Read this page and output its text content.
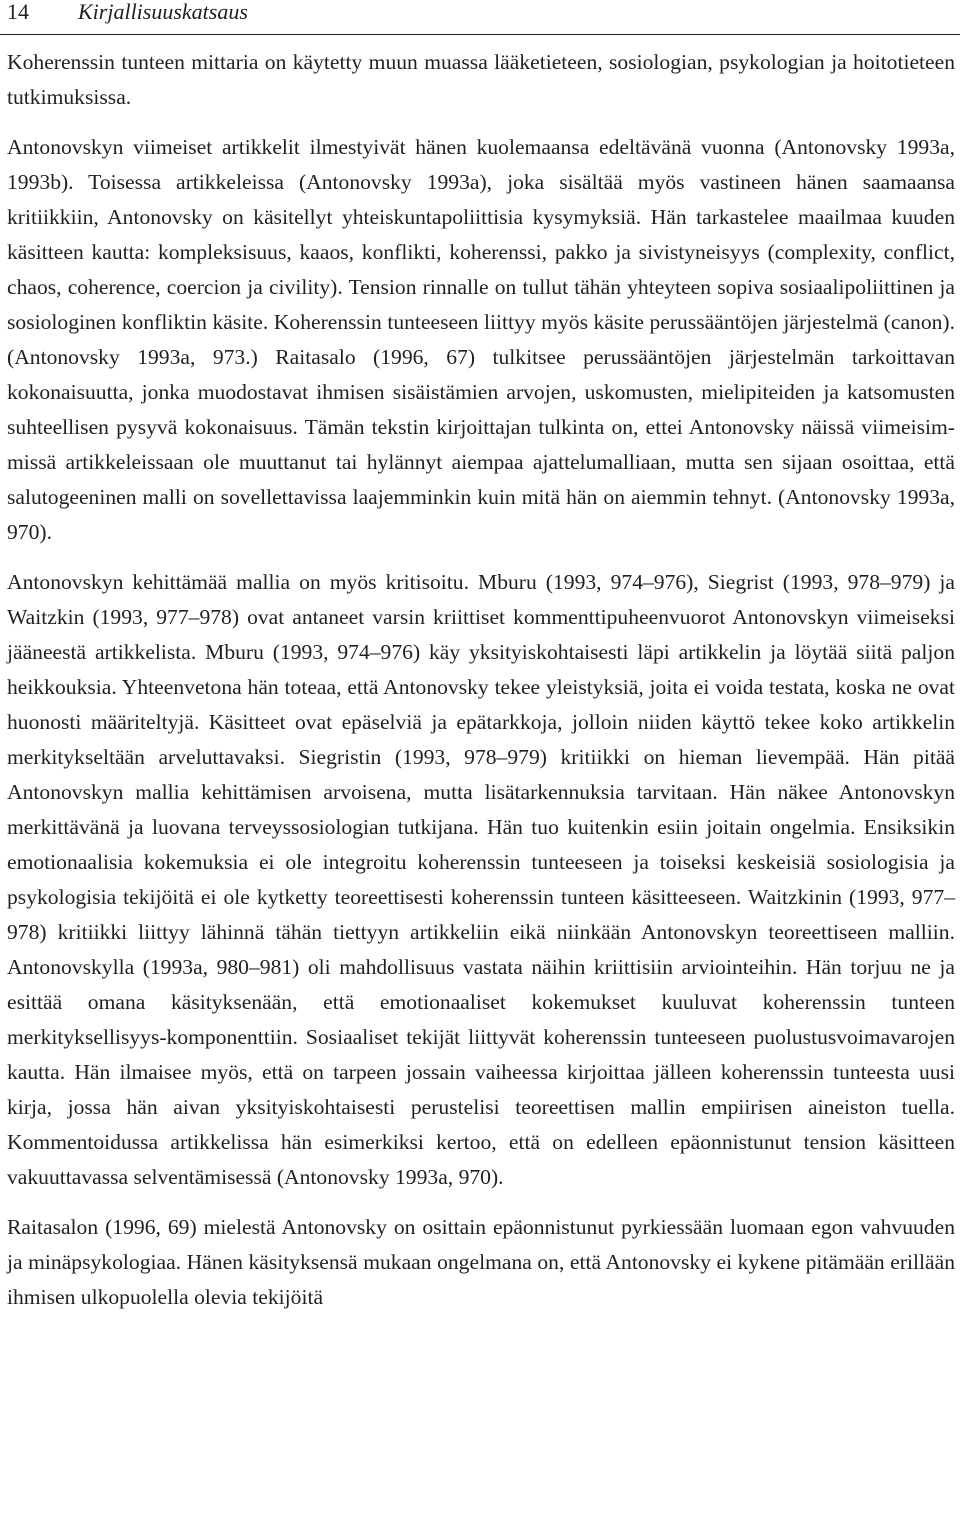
14 Kirjallisuuskatsaus

Koherenssin tunteen mittaria on käytetty muun muassa lääketieteen, sosiologian, psykologian ja hoitotieteen tutkimuksissa.

Antonovskyn viimeiset artikkelit ilmestyivät hänen kuolemaansa edeltävänä vuonna (Antonovsky 1993a, 1993b). Toisessa artikkeleissa (Antonovsky 1993a), joka sisältää myös vastineen hänen saamaansa kritiikkiin, Antonovsky on käsitellyt yhteiskuntapoliittisia kysymyksiä. Hän tarkastelee maailmaa kuuden käsitteen kautta: kompleksisuus, kaaos, konflikti, koherenssi, pakko ja sivistyneisyys (complexity, conflict, chaos, coherence, coercion ja civility). Tension rinnalle on tullut tähän yhteyteen sopiva sosiaalipoliittinen ja sosiologinen konfliktin käsite. Koherenssin tunteeseen liittyy myös käsite perussääntöjen järjestelmä (canon). (Antonovsky 1993a, 973.) Raitasalo (1996, 67) tulkitsee perussääntöjen järjestelmän tarkoittavan kokonaisuutta, jonka muodostavat ihmisen sisäistämien arvojen, uskomusten, mielipiteiden ja katsomusten suhteellisen pysyvä kokonaisuus. Tämän tekstin kirjoittajan tulkinta on, ettei Antonovsky näissä viimeisimmissä artikkeleissaan ole muuttanut tai hylännyt aiempaa ajattelumalliaan, mutta sen sijaan osoittaa, että salutogeeninen malli on sovellettavissa laajemminkin kuin mitä hän on aiemmin tehnyt. (Antonovsky 1993a, 970).

Antonovskyn kehittämää mallia on myös kritisoitu. Mburu (1993, 974–976), Siegrist (1993, 978–979) ja Waitzkin (1993, 977–978) ovat antaneet varsin kriittiset kommenttipuheenvuorot Antonovskyn viimeiseksi jääneestä artikkelista. Mburu (1993, 974–976) käy yksityiskohtaisesti läpi artikkelin ja löytää siitä paljon heikkouksia. Yhteenvetona hän toteaa, että Antonovsky tekee yleistyksiä, joita ei voida testata, koska ne ovat huonosti määriteltyjä. Käsitteet ovat epäselviä ja epätarkkoja, jolloin niiden käyttö tekee koko artikkelin merkitykseltään arveluttavaksi. Siegristin (1993, 978–979) kritiikki on hieman lievempää. Hän pitää Antonovskyn mallia kehittämisen arvoisena, mutta lisätarkennuksia tarvitaan. Hän näkee Antonovskyn merkittävänä ja luovana terveyssosiologian tutkijana. Hän tuo kuitenkin esiin joitain ongelmia. Ensiksikin emotionaalisia kokemuksia ei ole integroitu koherenssin tunteeseen ja toiseksi keskeisiä sosiologisia ja psykologisia tekijöitä ei ole kytketty teoreettisesti koherenssin tunteen käsitteeseen. Waitzkinin (1993, 977–978) kritiikki liittyy lähinnä tähän tiettyyn artikkeliin eikä niinkään Antonovskyn teoreettiseen malliin. Antonovskylla (1993a, 980–981) oli mahdollisuus vastata näihin kriittisiin arviointeihin. Hän torjuu ne ja esittää omana käsityksenään, että emotionaaliset kokemukset kuuluvat koherenssin tunteen merkityksellisyys-komponenttiin. Sosiaaliset tekijät liittyvät koherenssin tunteeseen puolustusvoimavarojen kautta. Hän ilmaisee myös, että on tarpeen jossain vaiheessa kirjoittaa jälleen koherenssin tunteesta uusi kirja, jossa hän aivan yksityiskohtaisesti perustelisi teoreettisen mallin empiirisen aineiston tuella. Kommentoidussa artikkelissa hän esimerkiksi kertoo, että on edelleen epäonnistunut tension käsitteen vakuuttavassa selventämisessä (Antonovsky 1993a, 970).

Raitasalon (1996, 69) mielestä Antonovsky on osittain epäonnistunut pyrkiessään luomaan egon vahvuuden ja minäpsykologiaa. Hänen käsityksensä mukaan ongelmana on, että Antonovsky ei kykene pitämään erillään ihmisen ulkopuolella olevia tekijöitä
